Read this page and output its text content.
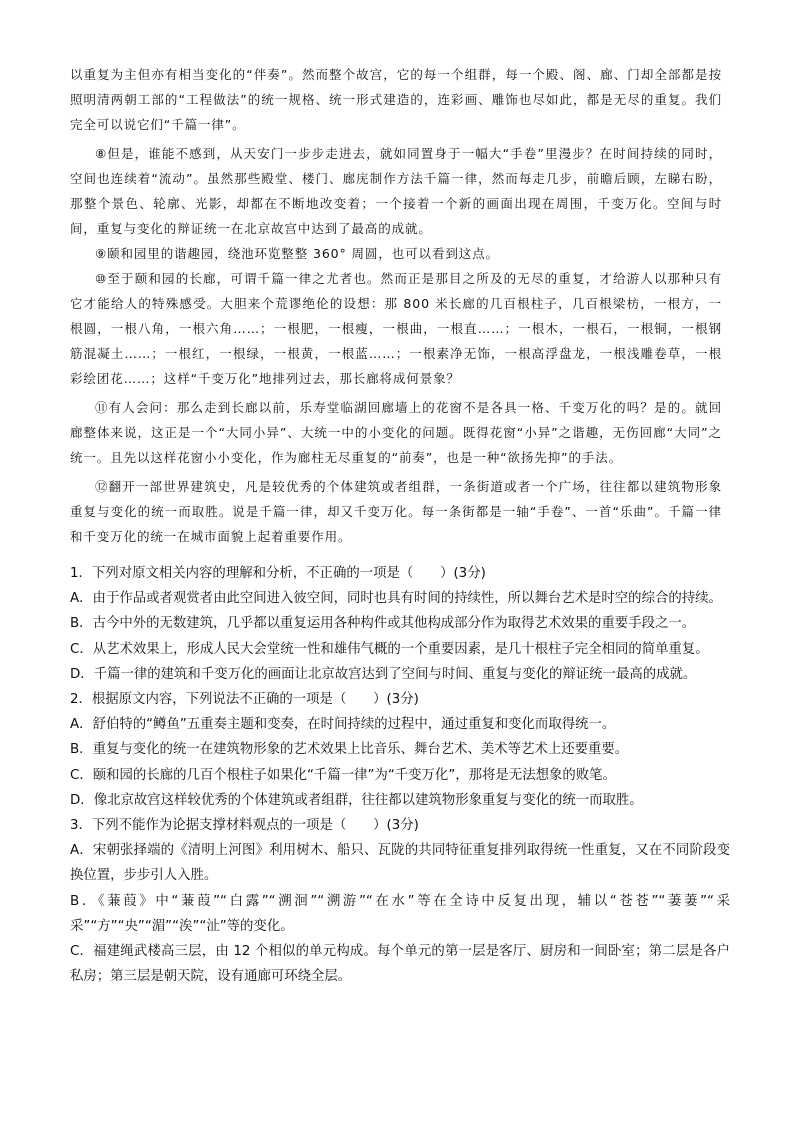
以重复为主但亦有相当变化的“伴奏”。然而整个故宫，它的每一个组群，每一个殿、阁、廊、门却全部都是按照明清两朝工部的“工程做法”的统一规格、统一形式建造的，连彩画、雕饰也尽如此，都是无尽的重复。我们完全可以说它们“千篇一律”。

⑧但是，谁能不感到，从天安门一步步走进去，就如同置身于一幅大“手卷”里漫步？在时间持续的同时，空间也连续着“流动”。虽然那些殿堂、楼门、廊庑制作方法千篇一律，然而每走几步，前瞻后顾，左睇右盼，那整个景色、轮廓、光影，却都在不断地改变着；一个接着一个新的画面出现在周围，千变万化。空间与时间，重复与变化的辩证统一在北京故宫中达到了最高的成就。

⑨颐和园里的谐趣园，绕池环览整整 360° 周圆，也可以看到这点。

⑩至于颐和园的长廊，可谓千篇一律之尤者也。然而正是那目之所及的无尽的重复，才给游人以那种只有它才能给人的特殊感受。大胆来个荒谬绝伦的设想：那 800 米长廊的几百根柱子，几百根梁枋，一根方，一根圆，一根八角，一根六角……；一根肥，一根瘦，一根曲，一根直……；一根木，一根石，一根铜，一根钢筋混凝土……；一根红，一根绿，一根黄，一根蓝……；一根素净无饰，一根高浮盘龙，一根浅雕卷草，一根彩绘团花……；这样“千变万化”地排列过去，那长廊将成何景象？

⑪有人会问：那么走到长廊以前，乐寿堂临湖回廊墙上的花窗不是各具一格、千变万化的吗？是的。就回廊整体来说，这正是一个“大同小异”、大统一中的小变化的问题。既得花窗“小异”之谐趣，无伤回廊“大同”之统一。且先以这样花窗小小变化，作为廊柱无尽重复的“前奏”，也是一种“欲扬先抑”的手法。

⑫翻开一部世界建筑史，凡是较优秀的个体建筑或者组群，一条街道或者一个广场，往往都以建筑物形象重复与变化的统一而取胜。说是千篇一律，却又千变万化。每一条街都是一轴“手卷”、一首“乐曲”。千篇一律和千变万化的统一在城市面貌上起着重要作用。

1．下列对原文相关内容的理解和分析，不正确的一项是（　　）(3分)

A．由于作品或者观赏者由此空间进入彼空间，同时也具有时间的持续性，所以舞台艺术是时空的综合的持续。

B．古今中外的无数建筑，几乎都以重复运用各种构件或其他构成部分作为取得艺术效果的重要手段之一。

C．从艺术效果上，形成人民大会堂统一性和雄伟气概的一个重要因素，是几十根柱子完全相同的简单重复。

D．千篇一律的建筑和千变万化的画面让北京故宫达到了空间与时间、重复与变化的辩证统一最高的成就。

2．根据原文内容，下列说法不正确的一项是（　　）(3分)

A．舒伯特的“鳟鱼”五重奏主题和变奏，在时间持续的过程中，通过重复和变化而取得统一。

B．重复与变化的统一在建筑物形象的艺术效果上比音乐、舞台艺术、美术等艺术上还要重要。

C．颐和园的长廊的几百个根柱子如果化“千篇一律”为“千变万化”，那将是无法想象的败笔。

D．像北京故宫这样较优秀的个体建筑或者组群，往往都以建筑物形象重复与变化的统一而取胜。

3．下列不能作为论据支撑材料观点的一项是（　　）(3分)

A．宋朝张择端的《清明上河图》利用树木、船只、瓦陇的共同特征重复排列取得统一性重复，又在不同阶段变换位置，步步引人入胜。

B．《蒹葭》中“蒹葭”“白露”“溯洄”“溯游”“在水”等在全诗中反复出现，辅以“苍苍”“萋萋”“采采”“方”“央”“湄”“涘”“沚”等的变化。

C．福建绳武楼高三层，由 12 个相似的单元构成。每个单元的第一层是客厅、厨房和一间卧室；第二层是各户私房；第三层是朝天院，设有通廊可环绕全层。
